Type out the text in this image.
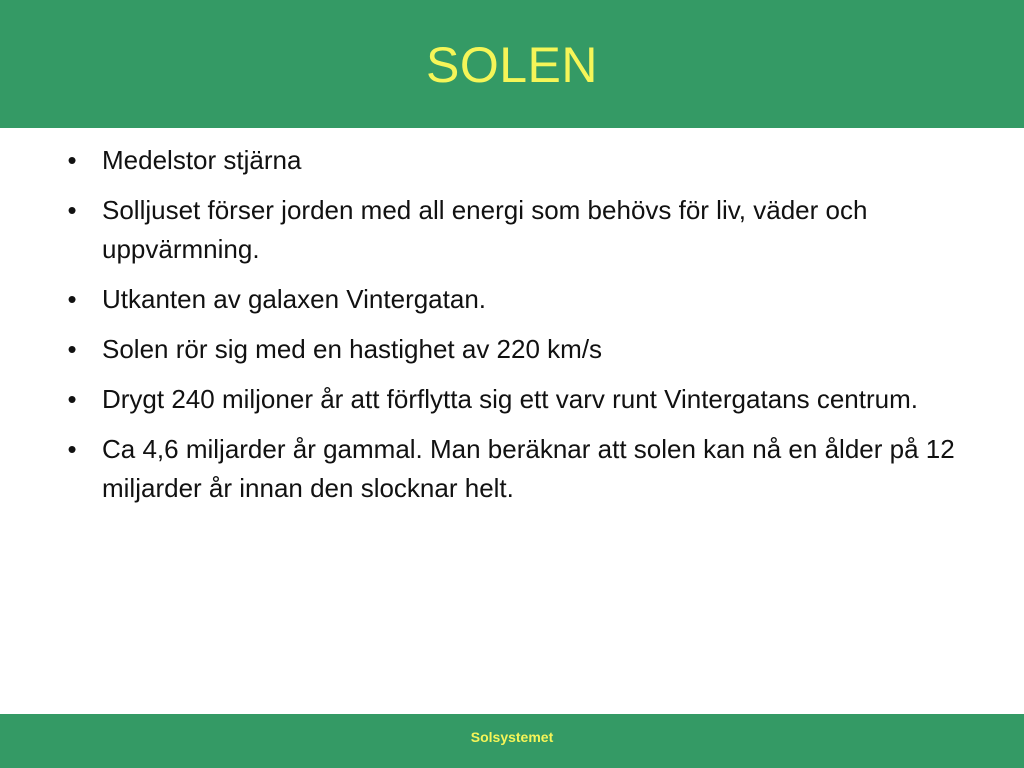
SOLEN
• Medelstor stjärna
• Solljuset förser jorden med all energi som behövs för liv, väder och uppvärmning.
• Utkanten av galaxen Vintergatan.
• Solen rör sig med en hastighet av 220 km/s
• Drygt 240 miljoner år att förflytta sig ett varv runt Vintergatans centrum.
• Ca 4,6 miljarder år gammal. Man beräknar att solen kan nå en ålder på 12 miljarder år innan den slocknar helt.
Solsystemet
